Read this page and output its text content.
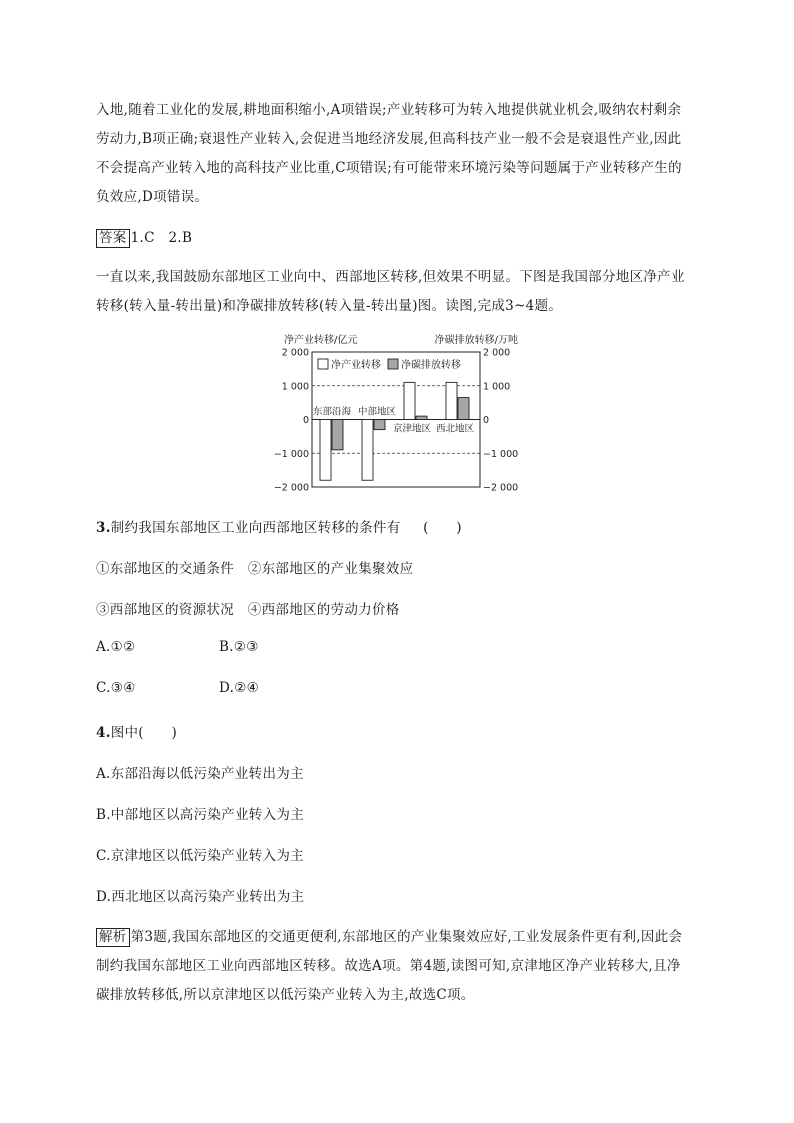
入地,随着工业化的发展,耕地面积缩小,A项错误;产业转移可为转入地提供就业机会,吸纳农村剩余
劳动力,B项正确;衰退性产业转入,会促进当地经济发展,但高科技产业一般不会是衰退性产业,因此
不会提高产业转入地的高科技产业比重,C项错误;有可能带来环境污染等问题属于产业转移产生的
负效应,D项错误。
答案 1.C　2.B
一直以来,我国鼓励东部地区工业向中、西部地区转移,但效果不明显。下图是我国部分地区净产业
转移(转入量-转出量)和净碳排放转移(转入量-转出量)图。读图,完成3~4题。
净产业转移/亿元	净碳排放转移/万吨
2 000	2 000
1 000	1 000
0	0
−1 000	−1 000
−2 000	−2 000
东部沿海 中部地区
京津地区 西北地区
净产业转移 净碳排放转移
3.制约我国东部地区工业向西部地区转移的条件有 (　　)
①东部地区的交通条件　②东部地区的产业集聚效应
③西部地区的资源状况　④西部地区的劳动力价格
A.①②	B.②③
C.③④	D.②④
4.图中(　　)
A.东部沿海以低污染产业转出为主
B.中部地区以高污染产业转入为主
C.京津地区以低污染产业转入为主
D.西北地区以高污染产业转出为主
解析 第3题,我国东部地区的交通更便利,东部地区的产业集聚效应好,工业发展条件更有利,因此会
制约我国东部地区工业向西部地区转移。故选A项。第4题,读图可知,京津地区净产业转移大,且净
碳排放转移低,所以京津地区以低污染产业转入为主,故选C项。
